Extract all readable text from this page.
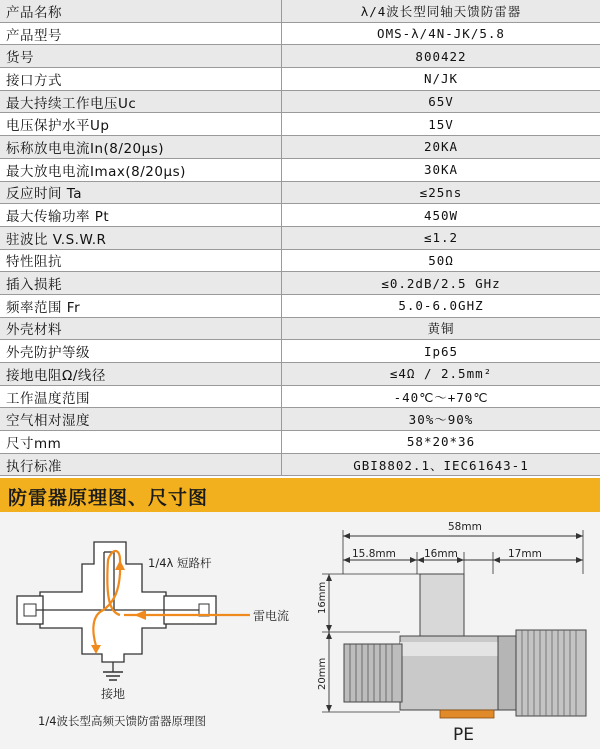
产品名称	λ/4波长型同轴天馈防雷器
产品型号	OMS-λ/4N-JK/5.8
货号	800422
接口方式	N/JK
最大持续工作电压Uc	65V
电压保护水平Up	15V
标称放电电流In(8/20μs)	20KA
最大放电电流Imax(8/20μs)	30KA
反应时间 Ta	≤25ns
最大传输功率 Pt	450W
驻波比 V.S.W.R	≤1.2
特性阻抗	50Ω
插入损耗	≤0.2dB/2.5 GHz
频率范围 Fr	5.0-6.0GHZ
外壳材料	黄铜
外壳防护等级	Ip65
接地电阻Ω/线径	≤4Ω / 2.5mm²
工作温度范围	-40℃～+70℃
空气相对湿度	30%～90%
尺寸mm	58*20*36
执行标准	GBI8802.1、IEC61643-1
防雷器原理图、尺寸图
1/4λ 短路杆
雷电流
接地
1/4波长型高频天馈防雷器原理图
58mm
15.8mm	16mm	17mm
16mm
20mm
PE
